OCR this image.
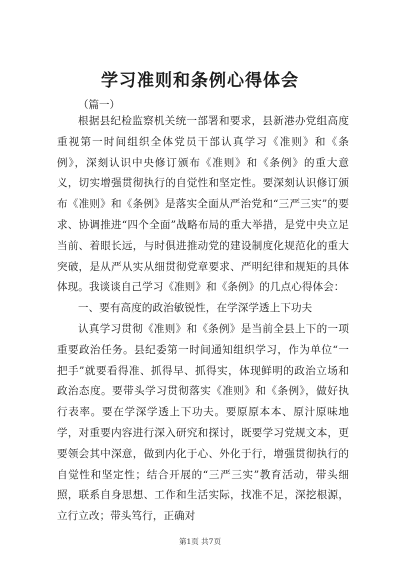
学习准则和条例心得体会

（篇一）

根据县纪检监察机关统一部署和要求，县新港办党组高度重视第一时间组织全体党员干部认真学习《准则》和《条例》，深刻认识中央修订颁布《准则》和《条例》的重大意义，切实增强贯彻执行的自觉性和坚定性。要深刻认识修订颁布《准则》和《条例》是落实全面从严治党和“三严三实”的要求、协调推进“四个全面”战略布局的重大举措，是党中央立足当前、着眼长远，与时俱进推动党的建设制度化规范化的重大突破，是从严从实从细贯彻党章要求、严明纪律和规矩的具体体现。我谈谈自己学习《准则》和《条例》的几点心得体会：

一、要有高度的政治敏锐性，在学深学透上下功夫

认真学习贯彻《准则》和《条例》是当前全县上下的一项重要政治任务。县纪委第一时间通知组织学习，作为单位“一把手”就要看得准、抓得早、抓得实，体现鲜明的政治立场和政治态度。要带头学习贯彻落实《准则》和《条例》，做好执行表率。要在学深学透上下功夫。要原原本本、原汁原味地学，对重要内容进行深入研究和探讨，既要学习党规文本，更要领会其中深意，做到内化于心、外化于行，增强贯彻执行的自觉性和坚定性；结合开展的“三严三实”教育活动，带头细照，联系自身思想、工作和生活实际，找准不足，深挖根源，立行立改；带头笃行，正确对

第1页 共7页
